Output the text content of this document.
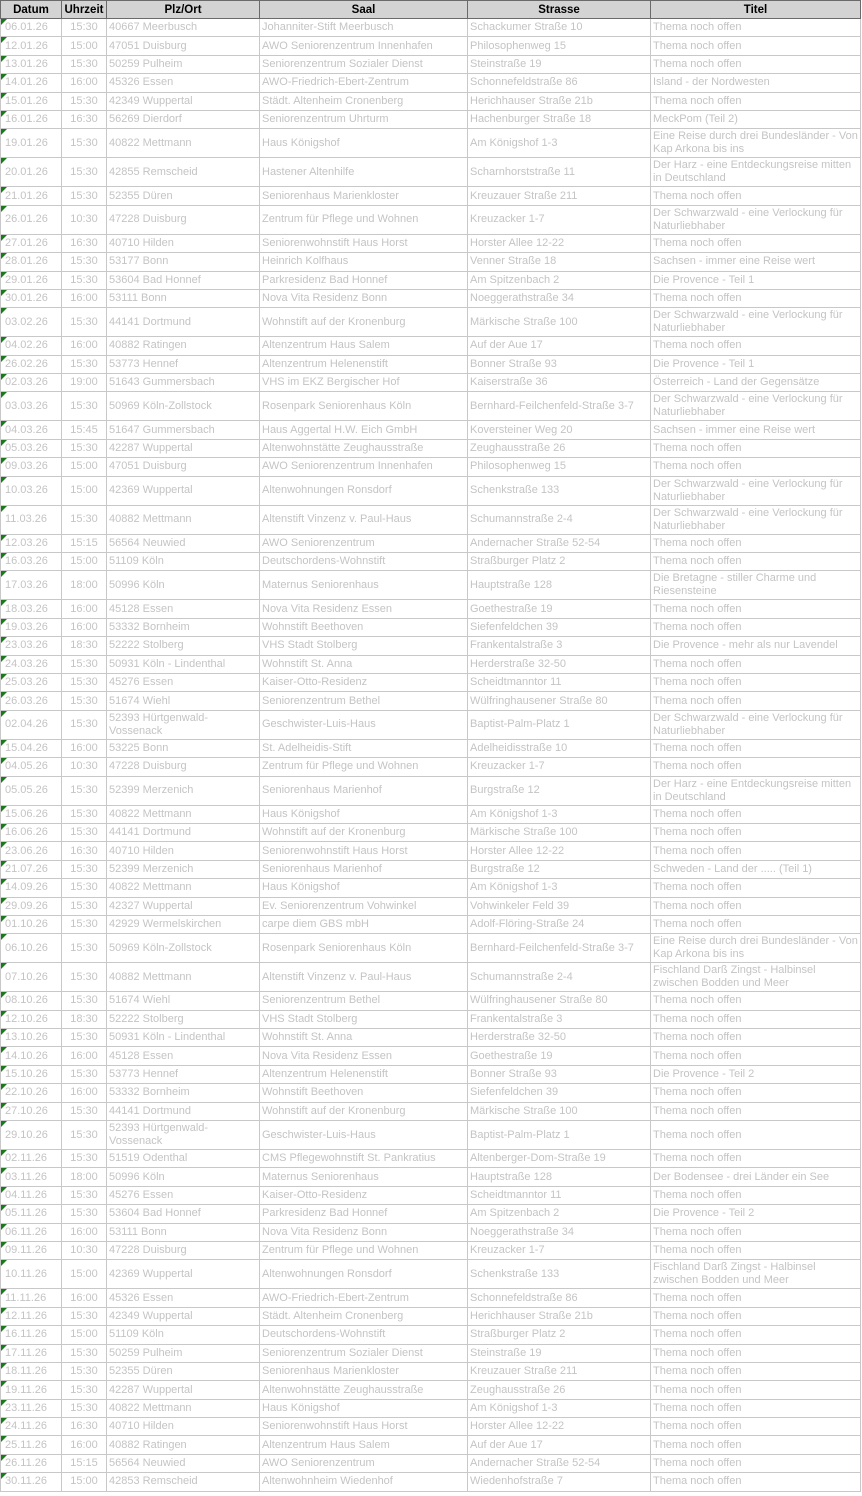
Datum	Uhrzeit	Plz/Ort	Saal	Strasse	Titel
06.01.26	15:30	40667 Meerbusch	Johanniter-Stift Meerbusch	Schackumer Straße 10	Thema noch offen
12.01.26	15:00	47051 Duisburg	AWO Seniorenzentrum Innenhafen	Philosophenweg 15	Thema noch offen
13.01.26	15:30	50259 Pulheim	Seniorenzentrum Sozialer Dienst	Steinstraße 19	Thema noch offen
14.01.26	16:00	45326 Essen	AWO-Friedrich-Ebert-Zentrum	Schonnefeldstraße 86	Island - der Nordwesten
15.01.26	15:30	42349 Wuppertal	Städt. Altenheim Cronenberg	Herichhauser Straße 21b	Thema noch offen
16.01.26	16:30	56269 Dierdorf	Seniorenzentrum Uhrturm	Hachenburger Straße 18	MeckPom (Teil 2)
19.01.26	15:30	40822 Mettmann	Haus Königshof	Am Königshof 1-3	Eine Reise durch drei Bundesländer - Von Kap Arkona bis ins
20.01.26	15:30	42855 Remscheid	Hastener Altenhilfe	Scharnhorststraße 11	Der Harz - eine Entdeckungsreise mitten in Deutschland
21.01.26	15:30	52355 Düren	Seniorenhaus Marienkloster	Kreuzauer Straße 211	Thema noch offen
26.01.26	10:30	47228 Duisburg	Zentrum für Pflege und Wohnen	Kreuzacker 1-7	Der Schwarzwald - eine Verlockung für Naturliebhaber
27.01.26	16:30	40710 Hilden	Seniorenwohnstift Haus Horst	Horster Allee 12-22	Thema noch offen
28.01.26	15:30	53177 Bonn	Heinrich Kolfhaus	Venner Straße 18	Sachsen - immer eine Reise wert
29.01.26	15:30	53604 Bad Honnef	Parkresidenz Bad Honnef	Am Spitzenbach 2	Die Provence - Teil 1
30.01.26	16:00	53111 Bonn	Nova Vita Residenz Bonn	Noeggerathstraße 34	Thema noch offen
03.02.26	15:30	44141 Dortmund	Wohnstift auf der Kronenburg	Märkische Straße 100	Der Schwarzwald - eine Verlockung für Naturliebhaber
04.02.26	16:00	40882 Ratingen	Altenzentrum Haus Salem	Auf der Aue 17	Thema noch offen
26.02.26	15:30	53773 Hennef	Altenzentrum Helenenstift	Bonner Straße 93	Die Provence - Teil 1
02.03.26	19:00	51643 Gummersbach	VHS im EKZ Bergischer Hof	Kaiserstraße 36	Österreich - Land der Gegensätze
03.03.26	15:30	50969 Köln-Zollstock	Rosenpark Seniorenhaus Köln	Bernhard-Feilchenfeld-Straße 3-7	Der Schwarzwald - eine Verlockung für Naturliebhaber
04.03.26	15:45	51647 Gummersbach	Haus Aggertal H.W. Eich GmbH	Koversteiner Weg 20	Sachsen - immer eine Reise wert
05.03.26	15:30	42287 Wuppertal	Altenwohnstätte Zeughausstraße	Zeughausstraße 26	Thema noch offen
09.03.26	15:00	47051 Duisburg	AWO Seniorenzentrum Innenhafen	Philosophenweg 15	Thema noch offen
10.03.26	15:00	42369 Wuppertal	Altenwohnungen Ronsdorf	Schenkstraße 133	Der Schwarzwald - eine Verlockung für Naturliebhaber
11.03.26	15:30	40882 Mettmann	Altenstift Vinzenz v. Paul-Haus	Schumannstraße 2-4	Der Schwarzwald - eine Verlockung für Naturliebhaber
12.03.26	15:15	56564 Neuwied	AWO Seniorenzentrum	Andernacher Straße 52-54	Thema noch offen
16.03.26	15:00	51109 Köln	Deutschordens-Wohnstift	Straßburger Platz 2	Thema noch offen
17.03.26	18:00	50996 Köln	Maternus Seniorenhaus	Hauptstraße 128	Die Bretagne - stiller Charme und Riesensteine
18.03.26	16:00	45128 Essen	Nova Vita Residenz Essen	Goethestraße 19	Thema noch offen
19.03.26	16:00	53332 Bornheim	Wohnstift Beethoven	Siefenfeldchen 39	Thema noch offen
23.03.26	18:30	52222 Stolberg	VHS Stadt Stolberg	Frankentalstraße 3	Die Provence - mehr als nur Lavendel
24.03.26	15:30	50931 Köln - Lindenthal	Wohnstift St. Anna	Herderstraße 32-50	Thema noch offen
25.03.26	15:30	45276 Essen	Kaiser-Otto-Residenz	Scheidtmanntor 11	Thema noch offen
26.03.26	15:30	51674 Wiehl	Seniorenzentrum Bethel	Wülfringhausener Straße 80	Thema noch offen
02.04.26	15:30	52393 Hürtgenwald-Vossenack	Geschwister-Luis-Haus	Baptist-Palm-Platz 1	Der Schwarzwald - eine Verlockung für Naturliebhaber
15.04.26	16:00	53225 Bonn	St. Adelheidis-Stift	Adelheidisstraße 10	Thema noch offen
04.05.26	10:30	47228 Duisburg	Zentrum für Pflege und Wohnen	Kreuzacker 1-7	Thema noch offen
05.05.26	15:30	52399 Merzenich	Seniorenhaus Marienhof	Burgstraße 12	Der Harz - eine Entdeckungsreise mitten in Deutschland
15.06.26	15:30	40822 Mettmann	Haus Königshof	Am Königshof 1-3	Thema noch offen
16.06.26	15:30	44141 Dortmund	Wohnstift auf der Kronenburg	Märkische Straße 100	Thema noch offen
23.06.26	16:30	40710 Hilden	Seniorenwohnstift Haus Horst	Horster Allee 12-22	Thema noch offen
21.07.26	15:30	52399 Merzenich	Seniorenhaus Marienhof	Burgstraße 12	Schweden - Land der ..... (Teil 1)
14.09.26	15:30	40822 Mettmann	Haus Königshof	Am Königshof 1-3	Thema noch offen
29.09.26	15:30	42327 Wuppertal	Ev. Seniorenzentrum Vohwinkel	Vohwinkeler Feld 39	Thema noch offen
01.10.26	15:30	42929 Wermelskirchen	carpe diem GBS mbH	Adolf-Flöring-Straße 24	Thema noch offen
06.10.26	15:30	50969 Köln-Zollstock	Rosenpark Seniorenhaus Köln	Bernhard-Feilchenfeld-Straße 3-7	Eine Reise durch drei Bundesländer - Von Kap Arkona bis ins
07.10.26	15:30	40882 Mettmann	Altenstift Vinzenz v. Paul-Haus	Schumannstraße 2-4	Fischland Darß Zingst - Halbinsel zwischen Bodden und Meer
08.10.26	15:30	51674 Wiehl	Seniorenzentrum Bethel	Wülfringhausener Straße 80	Thema noch offen
12.10.26	18:30	52222 Stolberg	VHS Stadt Stolberg	Frankentalstraße 3	Thema noch offen
13.10.26	15:30	50931 Köln - Lindenthal	Wohnstift St. Anna	Herderstraße 32-50	Thema noch offen
14.10.26	16:00	45128 Essen	Nova Vita Residenz Essen	Goethestraße 19	Thema noch offen
15.10.26	15:30	53773 Hennef	Altenzentrum Helenenstift	Bonner Straße 93	Die Provence - Teil 2
22.10.26	16:00	53332 Bornheim	Wohnstift Beethoven	Siefenfeldchen 39	Thema noch offen
27.10.26	15:30	44141 Dortmund	Wohnstift auf der Kronenburg	Märkische Straße 100	Thema noch offen
29.10.26	15:30	52393 Hürtgenwald-Vossenack	Geschwister-Luis-Haus	Baptist-Palm-Platz 1	Thema noch offen
02.11.26	15:30	51519 Odenthal	CMS Pflegewohnstift St. Pankratius	Altenberger-Dom-Straße 19	Thema noch offen
03.11.26	18:00	50996 Köln	Maternus Seniorenhaus	Hauptstraße 128	Der Bodensee - drei Länder ein See
04.11.26	15:30	45276 Essen	Kaiser-Otto-Residenz	Scheidtmanntor 11	Thema noch offen
05.11.26	15:30	53604 Bad Honnef	Parkresidenz Bad Honnef	Am Spitzenbach 2	Die Provence - Teil 2
06.11.26	16:00	53111 Bonn	Nova Vita Residenz Bonn	Noeggerathstraße 34	Thema noch offen
09.11.26	10:30	47228 Duisburg	Zentrum für Pflege und Wohnen	Kreuzacker 1-7	Thema noch offen
10.11.26	15:00	42369 Wuppertal	Altenwohnungen Ronsdorf	Schenkstraße 133	Fischland Darß Zingst - Halbinsel zwischen Bodden und Meer
11.11.26	16:00	45326 Essen	AWO-Friedrich-Ebert-Zentrum	Schonnefeldstraße 86	Thema noch offen
12.11.26	15:30	42349 Wuppertal	Städt. Altenheim Cronenberg	Herichhauser Straße 21b	Thema noch offen
16.11.26	15:00	51109 Köln	Deutschordens-Wohnstift	Straßburger Platz 2	Thema noch offen
17.11.26	15:30	50259 Pulheim	Seniorenzentrum Sozialer Dienst	Steinstraße 19	Thema noch offen
18.11.26	15:30	52355 Düren	Seniorenhaus Marienkloster	Kreuzauer Straße 211	Thema noch offen
19.11.26	15:30	42287 Wuppertal	Altenwohnstätte Zeughausstraße	Zeughausstraße 26	Thema noch offen
23.11.26	15:30	40822 Mettmann	Haus Königshof	Am Königshof 1-3	Thema noch offen
24.11.26	16:30	40710 Hilden	Seniorenwohnstift Haus Horst	Horster Allee 12-22	Thema noch offen
25.11.26	16:00	40882 Ratingen	Altenzentrum Haus Salem	Auf der Aue 17	Thema noch offen
26.11.26	15:15	56564 Neuwied	AWO Seniorenzentrum	Andernacher Straße 52-54	Thema noch offen
30.11.26	15:00	42853 Remscheid	Altenwohnheim Wiedenhof	Wiedenhofstraße 7	Thema noch offen
